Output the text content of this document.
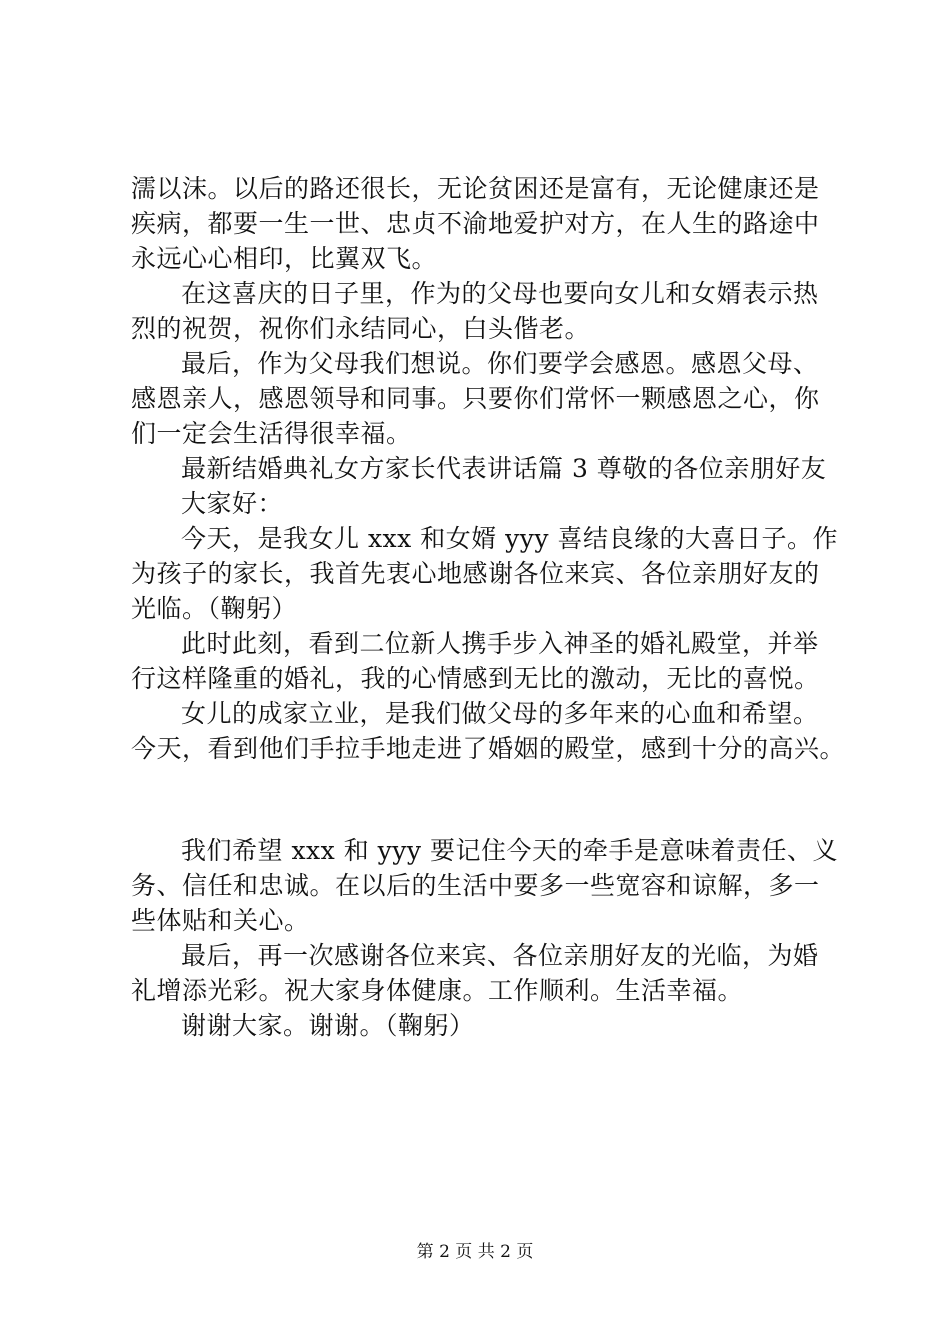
濡以沫。以后的路还很长，无论贫困还是富有，无论健康还是

疾病，都要一生一世、忠贞不渝地爱护对方，在人生的路途中

永远心心相印，比翼双飞。

在这喜庆的日子里，作为的父母也要向女儿和女婿表示热

烈的祝贺，祝你们永结同心，白头偕老。

最后，作为父母我们想说。你们要学会感恩。感恩父母、

感恩亲人，感恩领导和同事。只要你们常怀一颗感恩之心，你

们一定会生活得很幸福。

最新结婚典礼女方家长代表讲话篇 3 尊敬的各位亲朋好友

大家好：

今天，是我女儿 xxx 和女婿 yyy 喜结良缘的大喜日子。作

为孩子的家长，我首先衷心地感谢各位来宾、各位亲朋好友的

光临。（鞠躬）

此时此刻，看到二位新人携手步入神圣的婚礼殿堂，并举

行这样隆重的婚礼，我的心情感到无比的激动，无比的喜悦。

女儿的成家立业，是我们做父母的多年来的心血和希望。

今天，看到他们手拉手地走进了婚姻的殿堂，感到十分的高兴。

我们希望 xxx 和 yyy 要记住今天的牵手是意味着责任、义

务、信任和忠诚。在以后的生活中要多一些宽容和谅解，多一

些体贴和关心。

最后，再一次感谢各位来宾、各位亲朋好友的光临，为婚

礼增添光彩。祝大家身体健康。工作顺利。生活幸福。

谢谢大家。谢谢。（鞠躬）

第 2 页 共 2 页
